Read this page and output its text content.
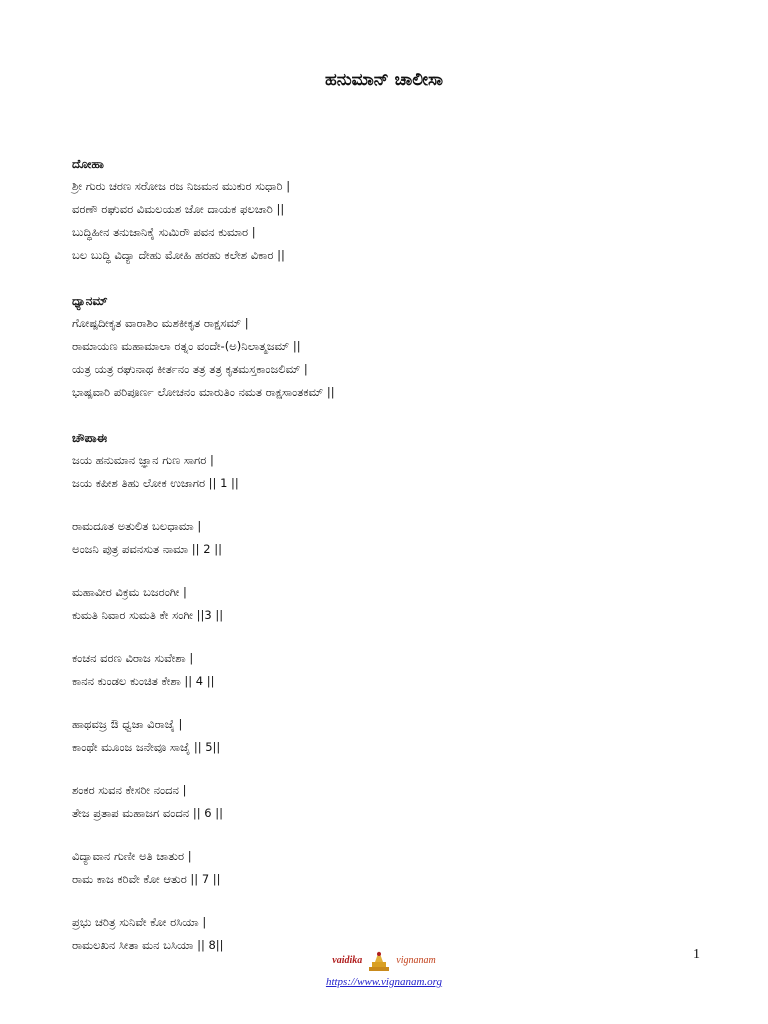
ಹನುಮಾನ್ ಚಾಲೀಸಾ
ದೋಹಾ
ಶ್ರೀ ಗುರು ಚರಣ ಸರೋಜ ರಜ ನಿಜಮನ ಮುಕುರ ಸುಧಾರಿ |
ವರಣೌ ರಘುವರ ವಿಮಲಯಶ ಜೋ ದಾಯಕ ಫಲಚಾರಿ ||
ಬುದ್ಧಿಹೀನ ತನುಜಾನಿಕೈ ಸುಮಿರೌ ಪವನ ಕುಮಾರ |
ಬಲ ಬುದ್ಧಿ ವಿದ್ಯಾ ದೇಹು ಮೋಹಿ ಹರಹು ಕಲೇಶ ವಿಕಾರ ||
ಧ್ಯಾನಮ್
ಗೋಷ್ಪದೀಕೃತ ವಾರಾಶಿಂ ಮಶಕೀಕೃತ ರಾಕ್ಷಸಮ್ |
ರಾಮಾಯಣ ಮಹಾಮಾಲಾ ರತ್ನಂ ವಂದೇ-(ಅ)ನಿಲಾತ್ಮಜಮ್ ||
ಯತ್ರ ಯತ್ರ ರಘುನಾಥ ಕೀರ್ತನಂ ತತ್ರ ತತ್ರ ಕೃತಮಸ್ತಕಾಂಜಲಿಮ್ |
ಭಾಷ್ಪವಾರಿ ಪರಿಪೂರ್ಣ ಲೋಚನಂ ಮಾರುತಿಂ ನಮತ ರಾಕ್ಷಸಾಂತಕಮ್ ||
ಚೌಪಾಈ
ಜಯ ಹನುಮಾನ ಜ್ಞಾನ ಗುಣ ಸಾಗರ |
ಜಯ ಕಪೀಶ ತಿಹು ಲೋಕ ಉಜಾಗರ || 1 ||
ರಾಮದೂತ ಅತುಲಿತ ಬಲಧಾಮಾ |
ಅಂಜನಿ ಪುತ್ರ ಪವನಸುತ ನಾಮಾ || 2 ||
ಮಹಾವೀರ ವಿಕ್ರಮ ಬಜರಂಗೀ |
ಕುಮತಿ ನಿವಾರ ಸುಮತಿ ಕೇ ಸಂಗೀ ||3 ||
ಕಂಚನ ವರಣ ವಿರಾಜ ಸುವೇಶಾ |
ಕಾನನ ಕುಂಡಲ ಕುಂಚಿತ ಕೇಶಾ || 4 ||
ಹಾಥವಜ್ರ ಔ ಧ್ವಜಾ ವಿರಾಜೈ |
ಕಾಂಥೇ ಮೂಂಜ ಜನೇವೂ ಸಾಜೈ || 5||
ಶಂಕರ ಸುವನ ಕೇಸರೀ ನಂದನ |
ತೇಜ ಪ್ರತಾಪ ಮಹಾಜಗ ವಂದನ || 6 ||
ವಿದ್ಯಾವಾನ ಗುಣೀ ಅತಿ ಚಾತುರ |
ರಾಮ ಕಾಜ ಕರಿವೇ ಕೋ ಆತುರ || 7 ||
ಪ್ರಭು ಚರಿತ್ರ ಸುನಿವೇ ಕೋ ರಸಿಯಾ |
ರಾಮಲಖನ ಸೀತಾ ಮನ ಬಸಿಯಾ || 8||
1
vaidika	vignanam
https://www.vignanam.org
